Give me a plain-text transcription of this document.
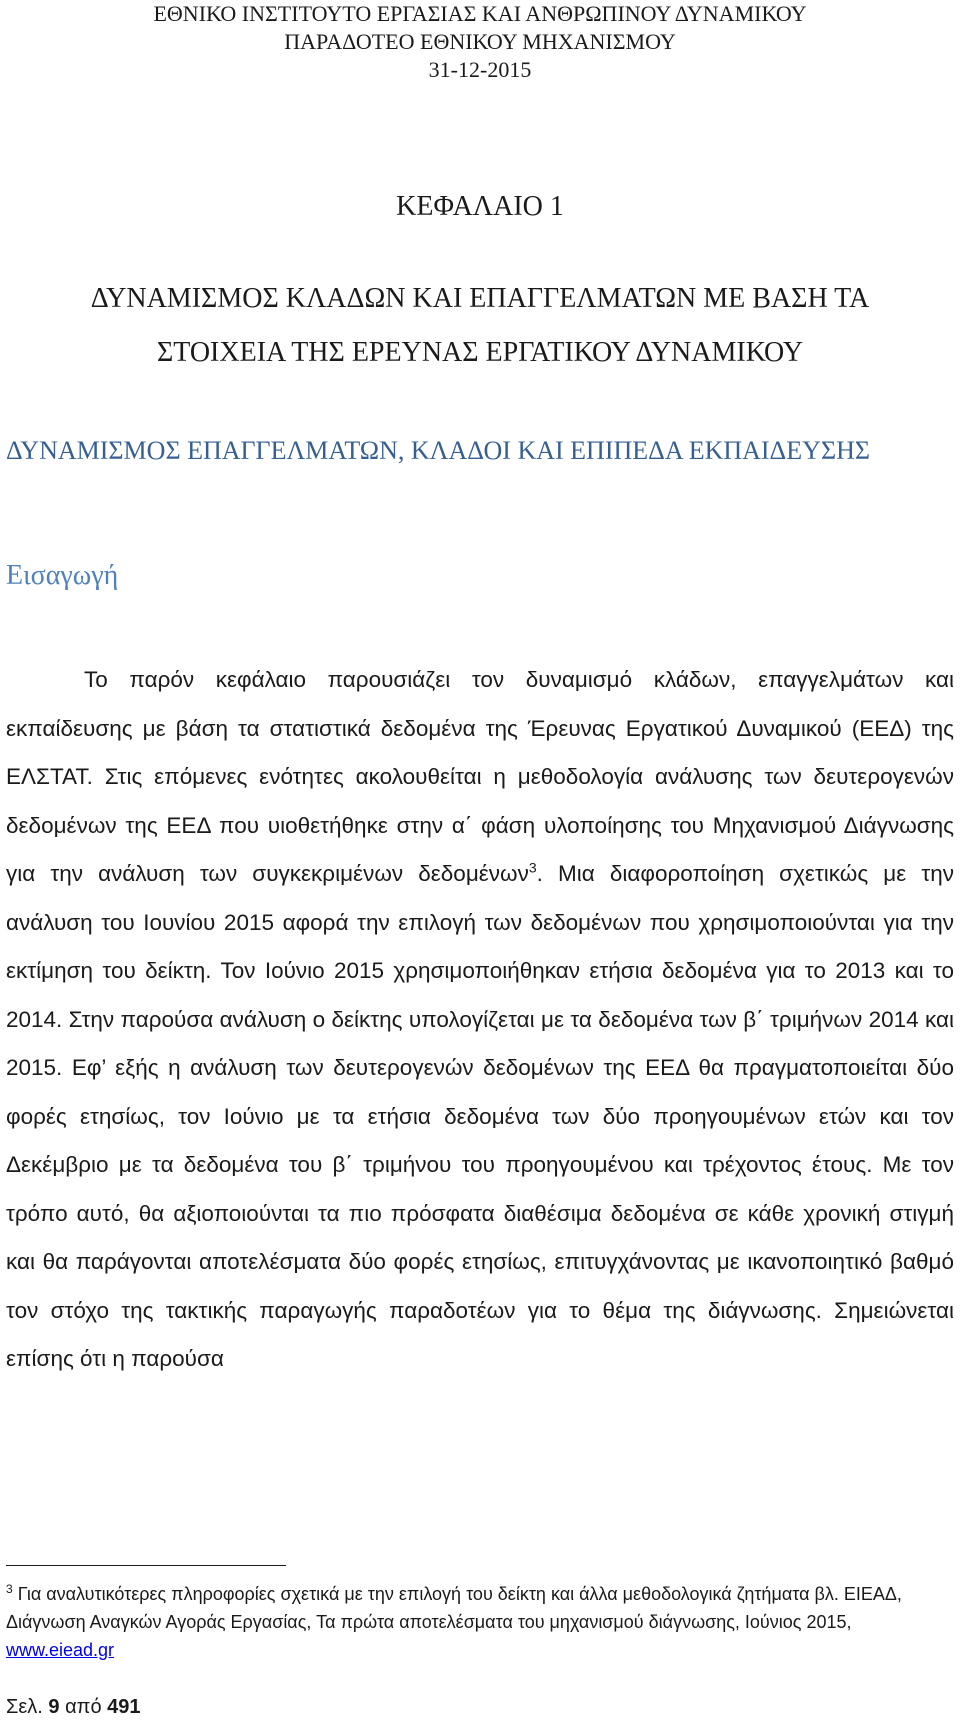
ΕΘΝΙΚΟ ΙΝΣΤΙΤΟΥΤΟ ΕΡΓΑΣΙΑΣ ΚΑΙ ΑΝΘΡΩΠΙΝΟΥ ΔΥΝΑΜΙΚΟΥ
ΠΑΡΑΔΟΤΕΟ ΕΘΝΙΚΟΥ ΜΗΧΑΝΙΣΜΟΥ
31-12-2015
ΚΕΦΑΛΑΙΟ 1
ΔΥΝΑΜΙΣΜΟΣ ΚΛΑΔΩΝ ΚΑΙ ΕΠΑΓΓΕΛΜΑΤΩΝ ΜΕ ΒΑΣΗ ΤΑ
ΣΤΟΙΧΕΙΑ ΤΗΣ ΕΡΕΥΝΑΣ ΕΡΓΑΤΙΚΟΥ ΔΥΝΑΜΙΚΟΥ
ΔΥΝΑΜΙΣΜΟΣ ΕΠΑΓΓΕΛΜΑΤΩΝ, ΚΛΑΔΟΙ ΚΑΙ ΕΠΙΠΕΔΑ ΕΚΠΑΙΔΕΥΣΗΣ
Εισαγωγή

Το παρόν κεφάλαιο παρουσιάζει τον δυναμισμό κλάδων, επαγγελμάτων και εκπαίδευσης με βάση τα στατιστικά δεδομένα της Έρευνας Εργατικού Δυναμικού (ΕΕΔ) της ΕΛΣΤΑΤ. Στις επόμενες ενότητες ακολουθείται η μεθοδολογία ανάλυσης των δευτερογενών δεδομένων της ΕΕΔ που υιοθετήθηκε στην α΄ φάση υλοποίησης του Μηχανισμού Διάγνωσης για την ανάλυση των συγκεκριμένων δεδομένων$^3$. Μια διαφοροποίηση σχετικώς με την ανάλυση του Ιουνίου 2015 αφορά την επιλογή των δεδομένων που χρησιμοποιούνται για την εκτίμηση του δείκτη. Τον Ιούνιο 2015 χρησιμοποιήθηκαν ετήσια δεδομένα για το 2013 και το 2014. Στην παρούσα ανάλυση ο δείκτης υπολογίζεται με τα δεδομένα των β΄ τριμήνων 2014 και 2015. Εφ’ εξής η ανάλυση των δευτερογενών δεδομένων της ΕΕΔ θα πραγματοποιείται δύο φορές ετησίως, τον Ιούνιο με τα ετήσια δεδομένα των δύο προηγουμένων ετών και τον Δεκέμβριο με τα δεδομένα του β΄ τριμήνου του προηγουμένου και τρέχοντος έτους. Με τον τρόπο αυτό, θα αξιοποιούνται τα πιο πρόσφατα διαθέσιμα δεδομένα σε κάθε χρονική στιγμή και θα παράγονται αποτελέσματα δύο φορές ετησίως, επιτυγχάνοντας με ικανοποιητικό βαθμό τον στόχο της τακτικής παραγωγής παραδοτέων για το θέμα της διάγνωσης. Σημειώνεται επίσης ότι η παρούσα

$^3$ Για αναλυτικότερες πληροφορίες σχετικά με την επιλογή του δείκτη και άλλα μεθοδολογικά ζητήματα βλ. ΕΙΕΑΔ, Διάγνωση Αναγκών Αγοράς Εργασίας, Τα πρώτα αποτελέσματα του μηχανισμού διάγνωσης, Ιούνιος 2015, www.eiead.gr
Σελ. 9 από 491
